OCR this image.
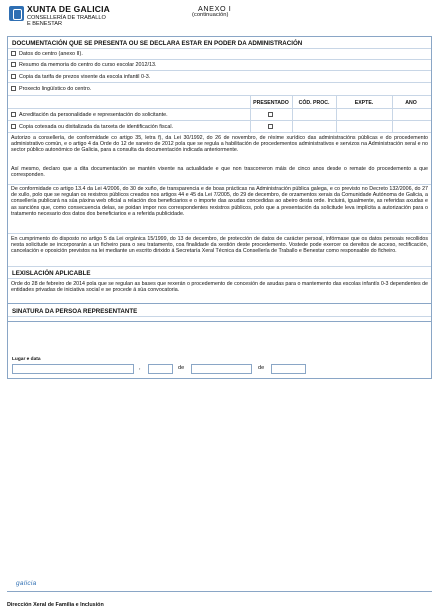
XUNTA DE GALICIA
CONSELLERÍA DE TRABALLO
E BENESTAR
ANEXO I
(continuación)
DOCUMENTACIÓN QUE SE PRESENTA OU SE DECLARA ESTAR EN PODER DA ADMINISTRACIÓN
Datos do centro (anexo II).
Resumo da memoria do centro do curso escolar 2012/13.
Copia da tarifa de prezos vixente da escola infantil 0-3.
Proxecto lingüístico do centro.
PRESENTADO	CÓD. PROC.	EXPTE.	ANO
Acreditación da personalidade e representación do solicitante.
Copia cotexada ou dixitalizada da tarxeta de identificación fiscal.
Autorizo a consellería, de conformidade co artigo 35, letra f), da Lei 30/1992, do 26 de novembro, de réxime xurídico das administracións públicas e do procedemento administrativo común, e o artigo 4 da Orde do 12 de xaneiro de 2012 pola que se regula a habilitación de procedementos administrativos e servizos na Administración xeral e no sector público autonómico de Galicia, para a consulta da documentación indicada anteriormente.
Así mesmo, declaro que a dita documentación se mantén vixente na actualidade e que non trascorreron máis de cinco anos desde o remate do procedemento a que corresponden.
De conformidade co artigo 13.4 da Lei 4/2006, do 30 de xuño, de transparencia e de boas prácticas na Administración pública galega, e co previsto no Decreto 132/2006, do 27 de xullo, polo que se regulan os rexistros públicos creados nos artigos 44 e 45 da Lei 7/2005, do 29 de decembro, de orzamentos xerais da Comunidade Autónoma de Galicia, a consellería publicará na súa páxina web oficial a relación dos beneficiarios e o importe das axudas concedidas ao abeiro desta orde. Incluirá, igualmente, as referidas axudas e as sancións que, como consecuencia delas, se poidan impor nos correspondentes rexistros públicos, polo que a presentación da solicitude leva implícita a autorización para o tratamento necesario dos datos dos beneficiarios e a referida publicidade.
En cumprimento do disposto no artigo 5 da Lei orgánica 15/1999, do 13 de decembro, de protección de datos de carácter persoal, infórmase que os datos persoais recollidos nesta solicitude se incorporarán a un ficheiro para o seu tratamento, coa finalidade da xestión deste procedemento. Vostede pode exercer os dereitos de acceso, rectificación, cancelación e oposición previstos na lei mediante un escrito dirixido á Secretaría Xeral Técnica da Consellería de Traballo e Benestar como responsable do ficheiro.
LEXISLACIÓN APLICABLE
Orde do 28 de febreiro de 2014 pola que se regulan as bases que rexerán o procedemento de concesión de axudas para o mantemento das escolas infantís 0-3 dependentes de entidades privadas de iniciativa social e se procede á súa convocatoria.
SINATURA DA PERSOA REPRESENTANTE
Lugar e data
,	de	de
galicia
Dirección Xeral de Familia e Inclusión
